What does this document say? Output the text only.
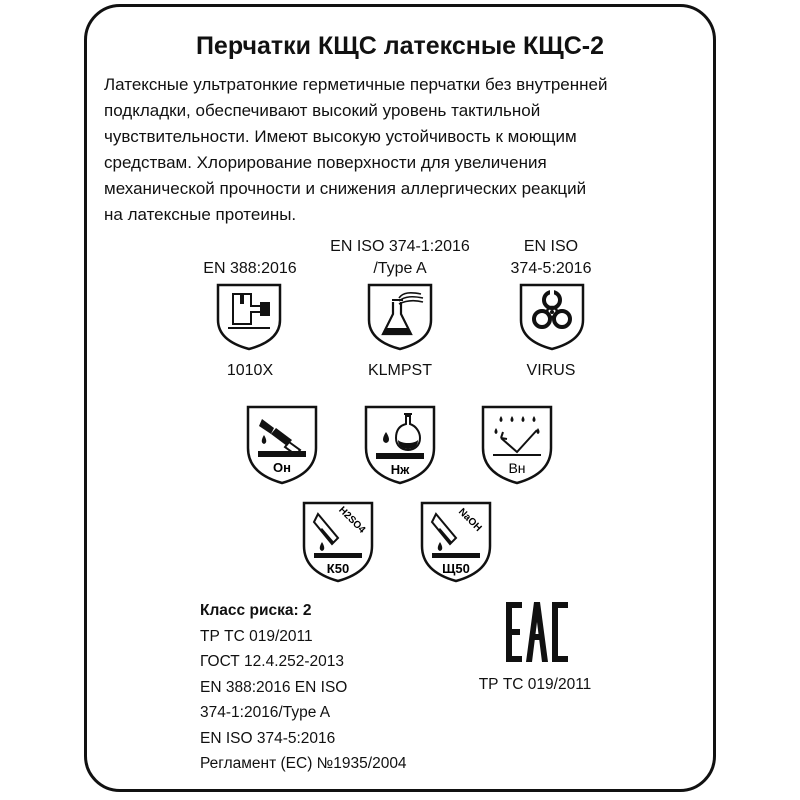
Перчатки КЩС латексные КЩС-2
Латексные ультратонкие герметичные перчатки без внутренней
подкладки, обеспечивают высокий уровень тактильной
чувствительности. Имеют высокую устойчивость к моющим
средствам. Хлорирование поверхности для увеличения
механической прочности и снижения аллергических реакций
на латексные протеины.
EN 388:2016
EN ISO 374-1:2016
/Type A
EN ISO
374-5:2016
1010X	KLMPST	VIRUS
Он	Нж	Вн
H2SO4
К50
NaOH
Щ50
Класс риска: 2
ТР ТС 019/2011
ГОСТ 12.4.252-2013
EN 388:2016 EN ISO
374-1:2016/Type A
EN ISO 374-5:2016
Регламент (ЕС) №1935/2004
ТР ТС 019/2011
